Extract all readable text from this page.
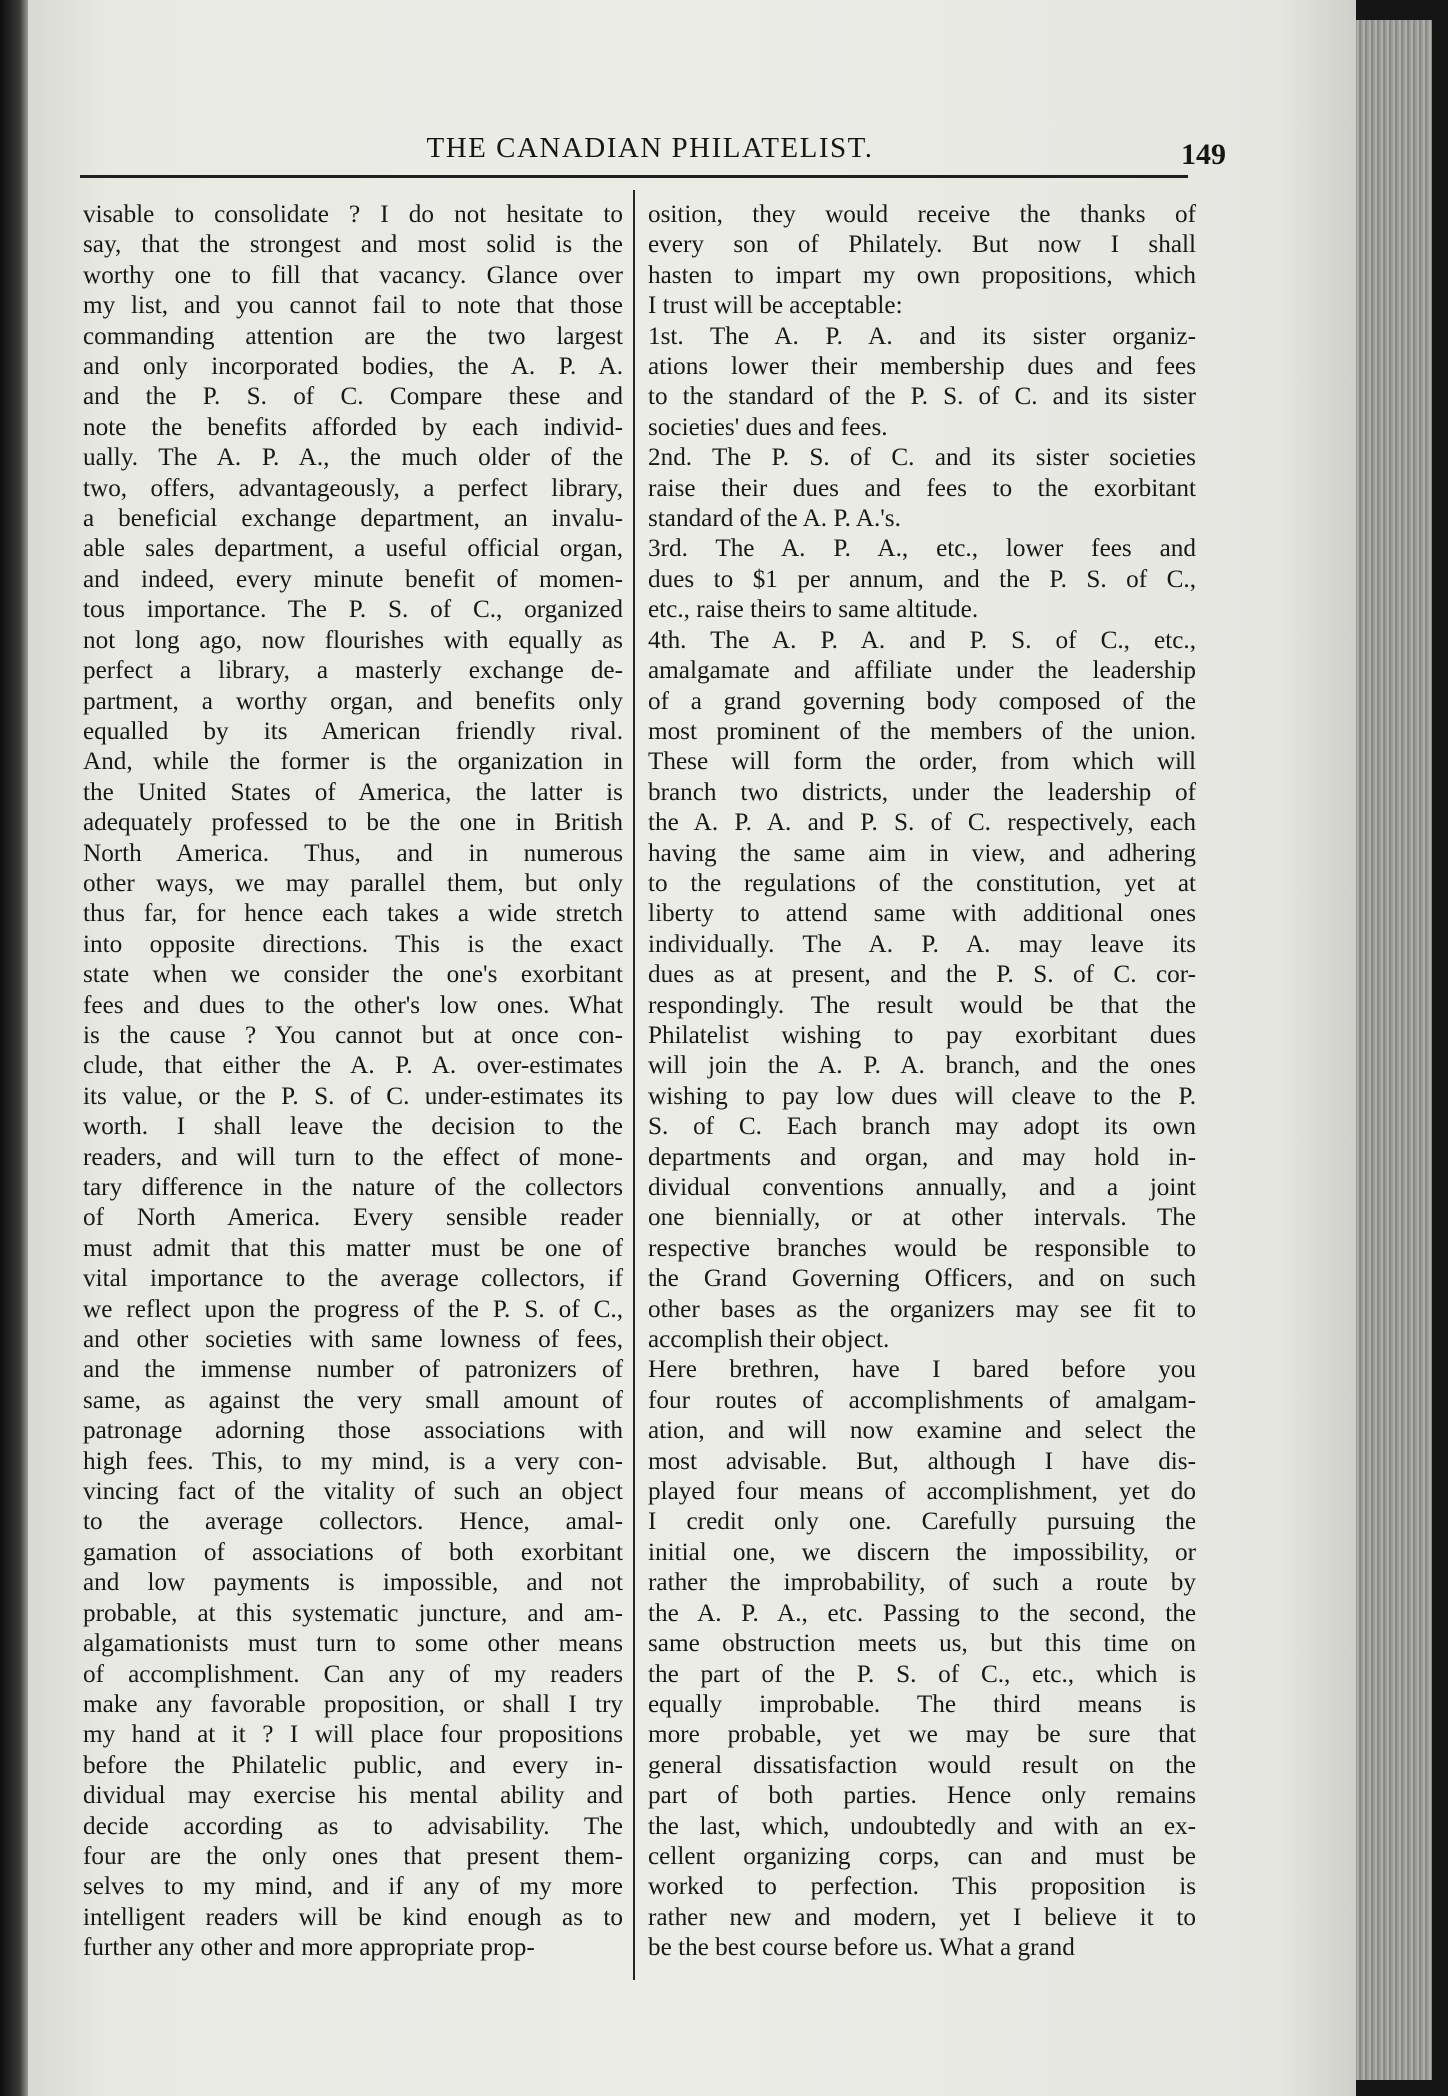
THE CANADIAN PHILATELIST.	149

visable to consolidate ? I do not hesitate to

say, that the strongest and most solid is the

worthy one to fill that vacancy. Glance over

my list, and you cannot fail to note that those

commanding attention are the two largest

and only incorporated bodies, the A. P. A.

and the P. S. of C. Compare these and

note the benefits afforded by each individ-

ually. The A. P. A., the much older of the

two, offers, advantageously, a perfect library,

a beneficial exchange department, an invalu-

able sales department, a useful official organ,

and indeed, every minute benefit of momen-

tous importance. The P. S. of C., organized

not long ago, now flourishes with equally as

perfect a library, a masterly exchange de-

partment, a worthy organ, and benefits only

equalled by its American friendly rival.

And, while the former is the organization in

the United States of America, the latter is

adequately professed to be the one in British

North America. Thus, and in numerous

other ways, we may parallel them, but only

thus far, for hence each takes a wide stretch

into opposite directions. This is the exact

state when we consider the one's exorbitant

fees and dues to the other's low ones. What

is the cause ? You cannot but at once con-

clude, that either the A. P. A. over-estimates

its value, or the P. S. of C. under-estimates its

worth. I shall leave the decision to the

readers, and will turn to the effect of mone-

tary difference in the nature of the collectors

of North America. Every sensible reader

must admit that this matter must be one of

vital importance to the average collectors, if

we reflect upon the progress of the P. S. of C.,

and other societies with same lowness of fees,

and the immense number of patronizers of

same, as against the very small amount of

patronage adorning those associations with

high fees. This, to my mind, is a very con-

vincing fact of the vitality of such an object

to the average collectors. Hence, amal-

gamation of associations of both exorbitant

and low payments is impossible, and not

probable, at this systematic juncture, and am-

algamationists must turn to some other means

of accomplishment. Can any of my readers

make any favorable proposition, or shall I try

my hand at it ? I will place four propositions

before the Philatelic public, and every in-

dividual may exercise his mental ability and

decide according as to advisability. The

four are the only ones that present them-

selves to my mind, and if any of my more

intelligent readers will be kind enough as to

further any other and more appropriate prop-

osition, they would receive the thanks of

every son of Philately. But now I shall

hasten to impart my own propositions, which

I trust will be acceptable:

1st. The A. P. A. and its sister organiz-

ations lower their membership dues and fees

to the standard of the P. S. of C. and its sister

societies' dues and fees.

2nd. The P. S. of C. and its sister societies

raise their dues and fees to the exorbitant

standard of the A. P. A.'s.

3rd. The A. P. A., etc., lower fees and

dues to $1 per annum, and the P. S. of C.,

etc., raise theirs to same altitude.

4th. The A. P. A. and P. S. of C., etc.,

amalgamate and affiliate under the leadership

of a grand governing body composed of the

most prominent of the members of the union.

These will form the order, from which will

branch two districts, under the leadership of

the A. P. A. and P. S. of C. respectively, each

having the same aim in view, and adhering

to the regulations of the constitution, yet at

liberty to attend same with additional ones

individually. The A. P. A. may leave its

dues as at present, and the P. S. of C. cor-

respondingly. The result would be that the

Philatelist wishing to pay exorbitant dues

will join the A. P. A. branch, and the ones

wishing to pay low dues will cleave to the P.

S. of C. Each branch may adopt its own

departments and organ, and may hold in-

dividual conventions annually, and a joint

one biennially, or at other intervals. The

respective branches would be responsible to

the Grand Governing Officers, and on such

other bases as the organizers may see fit to

accomplish their object.

Here brethren, have I bared before you

four routes of accomplishments of amalgam-

ation, and will now examine and select the

most advisable. But, although I have dis-

played four means of accomplishment, yet do

I credit only one. Carefully pursuing the

initial one, we discern the impossibility, or

rather the improbability, of such a route by

the A. P. A., etc. Passing to the second, the

same obstruction meets us, but this time on

the part of the P. S. of C., etc., which is

equally improbable. The third means is

more probable, yet we may be sure that

general dissatisfaction would result on the

part of both parties. Hence only remains

the last, which, undoubtedly and with an ex-

cellent organizing corps, can and must be

worked to perfection. This proposition is

rather new and modern, yet I believe it to

be the best course before us. What a grand
